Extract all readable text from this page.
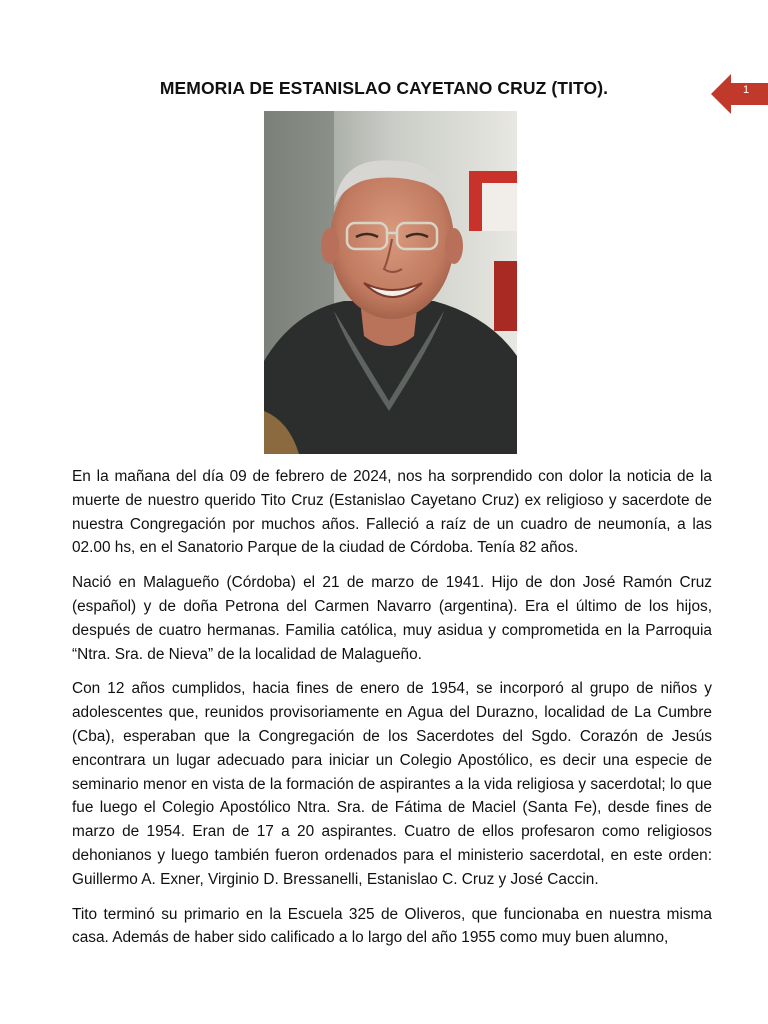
MEMORIA DE ESTANISLAO CAYETANO CRUZ (TITO).	1

En la mañana del día 09 de febrero de 2024, nos ha sorprendido con dolor la noticia de la muerte de nuestro querido Tito Cruz (Estanislao Cayetano Cruz) ex religioso y sacerdote de nuestra Congregación por muchos años. Falleció a raíz de un cuadro de neumonía, a las 02.00 hs, en el Sanatorio Parque de la ciudad de Córdoba. Tenía 82 años.

Nació en Malagueño (Córdoba) el 21 de marzo de 1941. Hijo de don José Ramón Cruz (español) y de doña Petrona del Carmen Navarro (argentina). Era el último de los hijos, después de cuatro hermanas. Familia católica, muy asidua y comprometida en la Parroquia “Ntra. Sra. de Nieva” de la localidad de Malagueño.

Con 12 años cumplidos, hacia fines de enero de 1954, se incorporó al grupo de niños y adolescentes que, reunidos provisoriamente en Agua del Durazno, localidad de La Cumbre (Cba), esperaban que la Congregación de los Sacerdotes del Sgdo. Corazón de Jesús encontrara un lugar adecuado para iniciar un Colegio Apostólico, es decir una especie de seminario menor en vista de la formación de aspirantes a la vida religiosa y sacerdotal; lo que fue luego el Colegio Apostólico Ntra. Sra. de Fátima de Maciel (Santa Fe), desde fines de marzo de 1954. Eran de 17 a 20 aspirantes. Cuatro de ellos profesaron como religiosos dehonianos y luego también fueron ordenados para el ministerio sacerdotal, en este orden: Guillermo A. Exner, Virginio D. Bressanelli, Estanislao C. Cruz y José Caccin.

Tito terminó su primario en la Escuela 325 de Oliveros, que funcionaba en nuestra misma casa. Además de haber sido calificado a lo largo del año 1955 como muy buen alumno,
